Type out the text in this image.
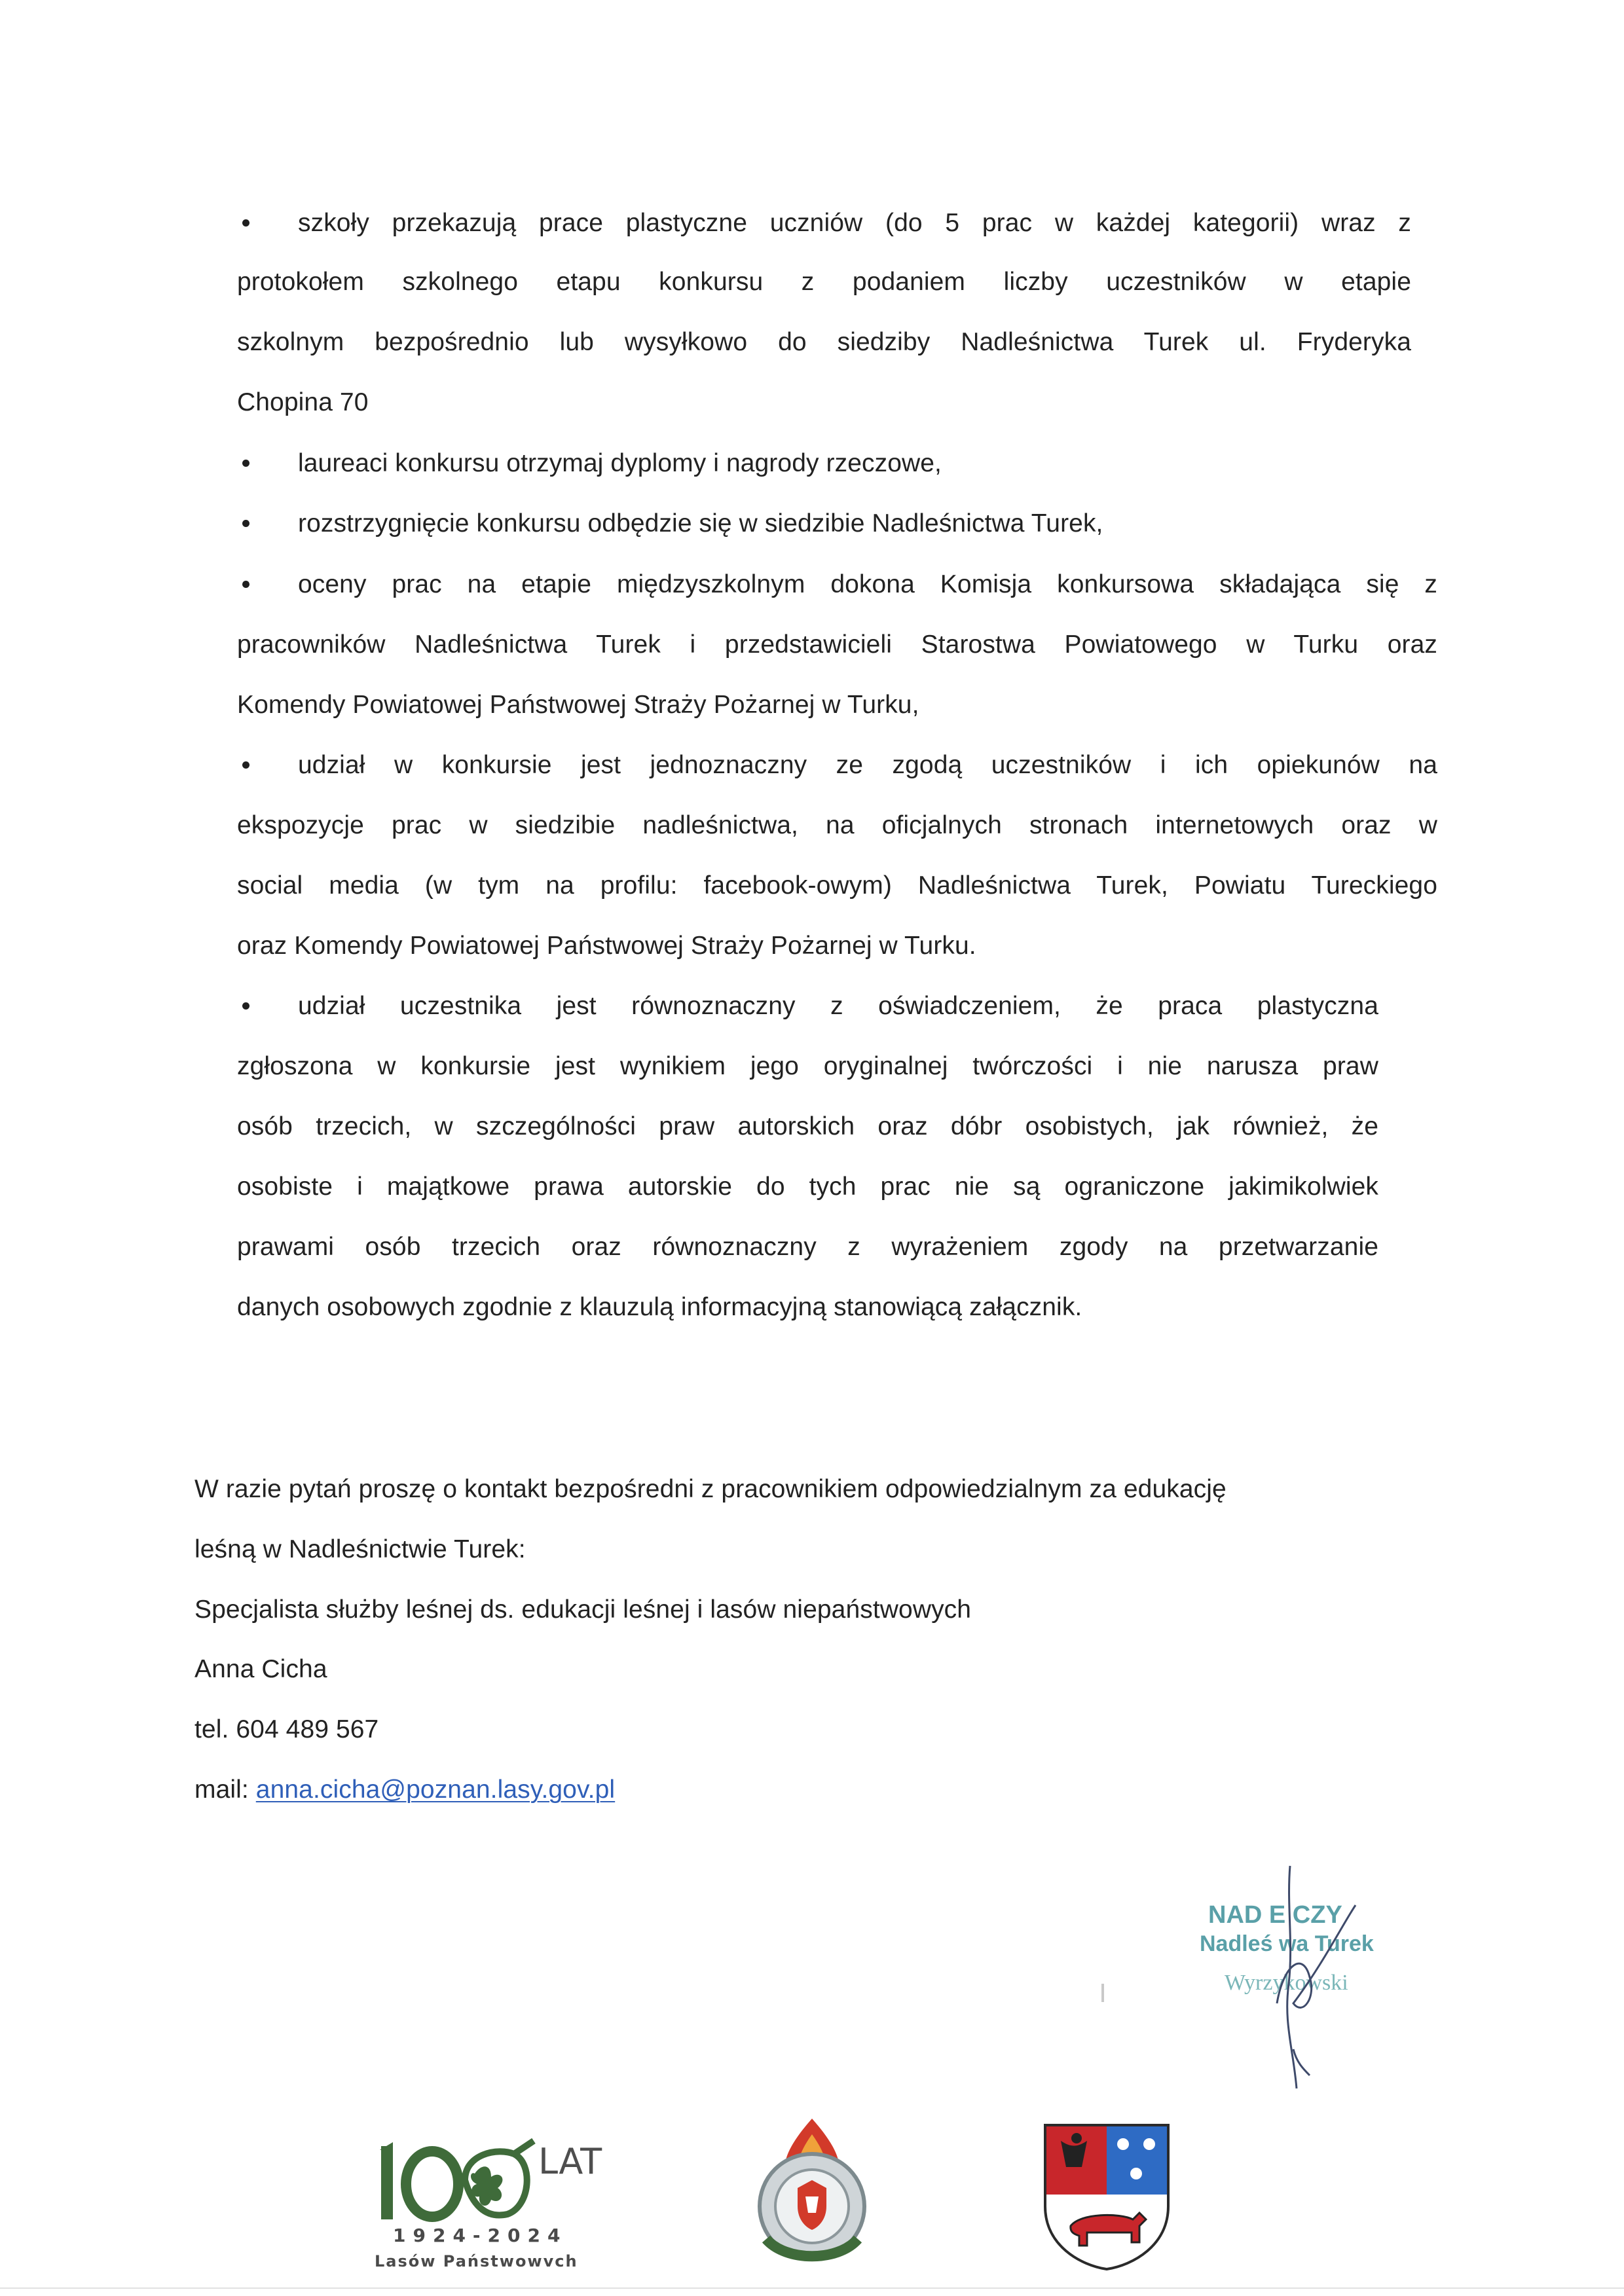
szkoły przekazują prace plastyczne uczniów (do 5 prac w każdej kategorii) wraz z
protokołem szkolnego etapu konkursu z podaniem liczby uczestników w etapie
szkolnym bezpośrednio lub wysyłkowo do siedziby Nadleśnictwa Turek ul. Fryderyka
Chopina 70
laureaci konkursu otrzymaj dyplomy i nagrody rzeczowe,
rozstrzygnięcie konkursu odbędzie się w siedzibie Nadleśnictwa Turek,
oceny prac na etapie międzyszkolnym dokona Komisja konkursowa składająca się z
pracowników Nadleśnictwa Turek i przedstawicieli Starostwa Powiatowego w Turku oraz
Komendy Powiatowej Państwowej Straży Pożarnej w Turku,
udział w konkursie jest jednoznaczny ze zgodą uczestników i ich opiekunów na
ekspozycje prac w siedzibie nadleśnictwa, na oficjalnych stronach internetowych oraz w
social media (w tym na profilu: facebook-owym) Nadleśnictwa Turek, Powiatu Tureckiego
oraz Komendy Powiatowej Państwowej Straży Pożarnej w Turku.
udział uczestnika jest równoznaczny z oświadczeniem, że praca plastyczna
zgłoszona w konkursie jest wynikiem jego oryginalnej twórczości i nie narusza praw
osób trzecich, w szczególności praw autorskich oraz dóbr osobistych, jak również, że
osobiste i majątkowe prawa autorskie do tych prac nie są ograniczone jakimikolwiek
prawami osób trzecich oraz równoznaczny z wyrażeniem zgody na przetwarzanie
danych osobowych zgodnie z klauzulą informacyjną stanowiącą załącznik.
W razie pytań proszę o kontakt bezpośredni z pracownikiem odpowiedzialnym za edukację
leśną w Nadleśnictwie Turek:
Specjalista służby leśnej ds. edukacji leśnej i lasów niepaństwowych
Anna Cicha
tel. 604 489 567
mail: anna.cicha@poznan.lasy.gov.pl
NAD E CZY
Nadleś wa Turek
Wyrzykowski
LAT
1924-2024
Lasów Państwowvch
